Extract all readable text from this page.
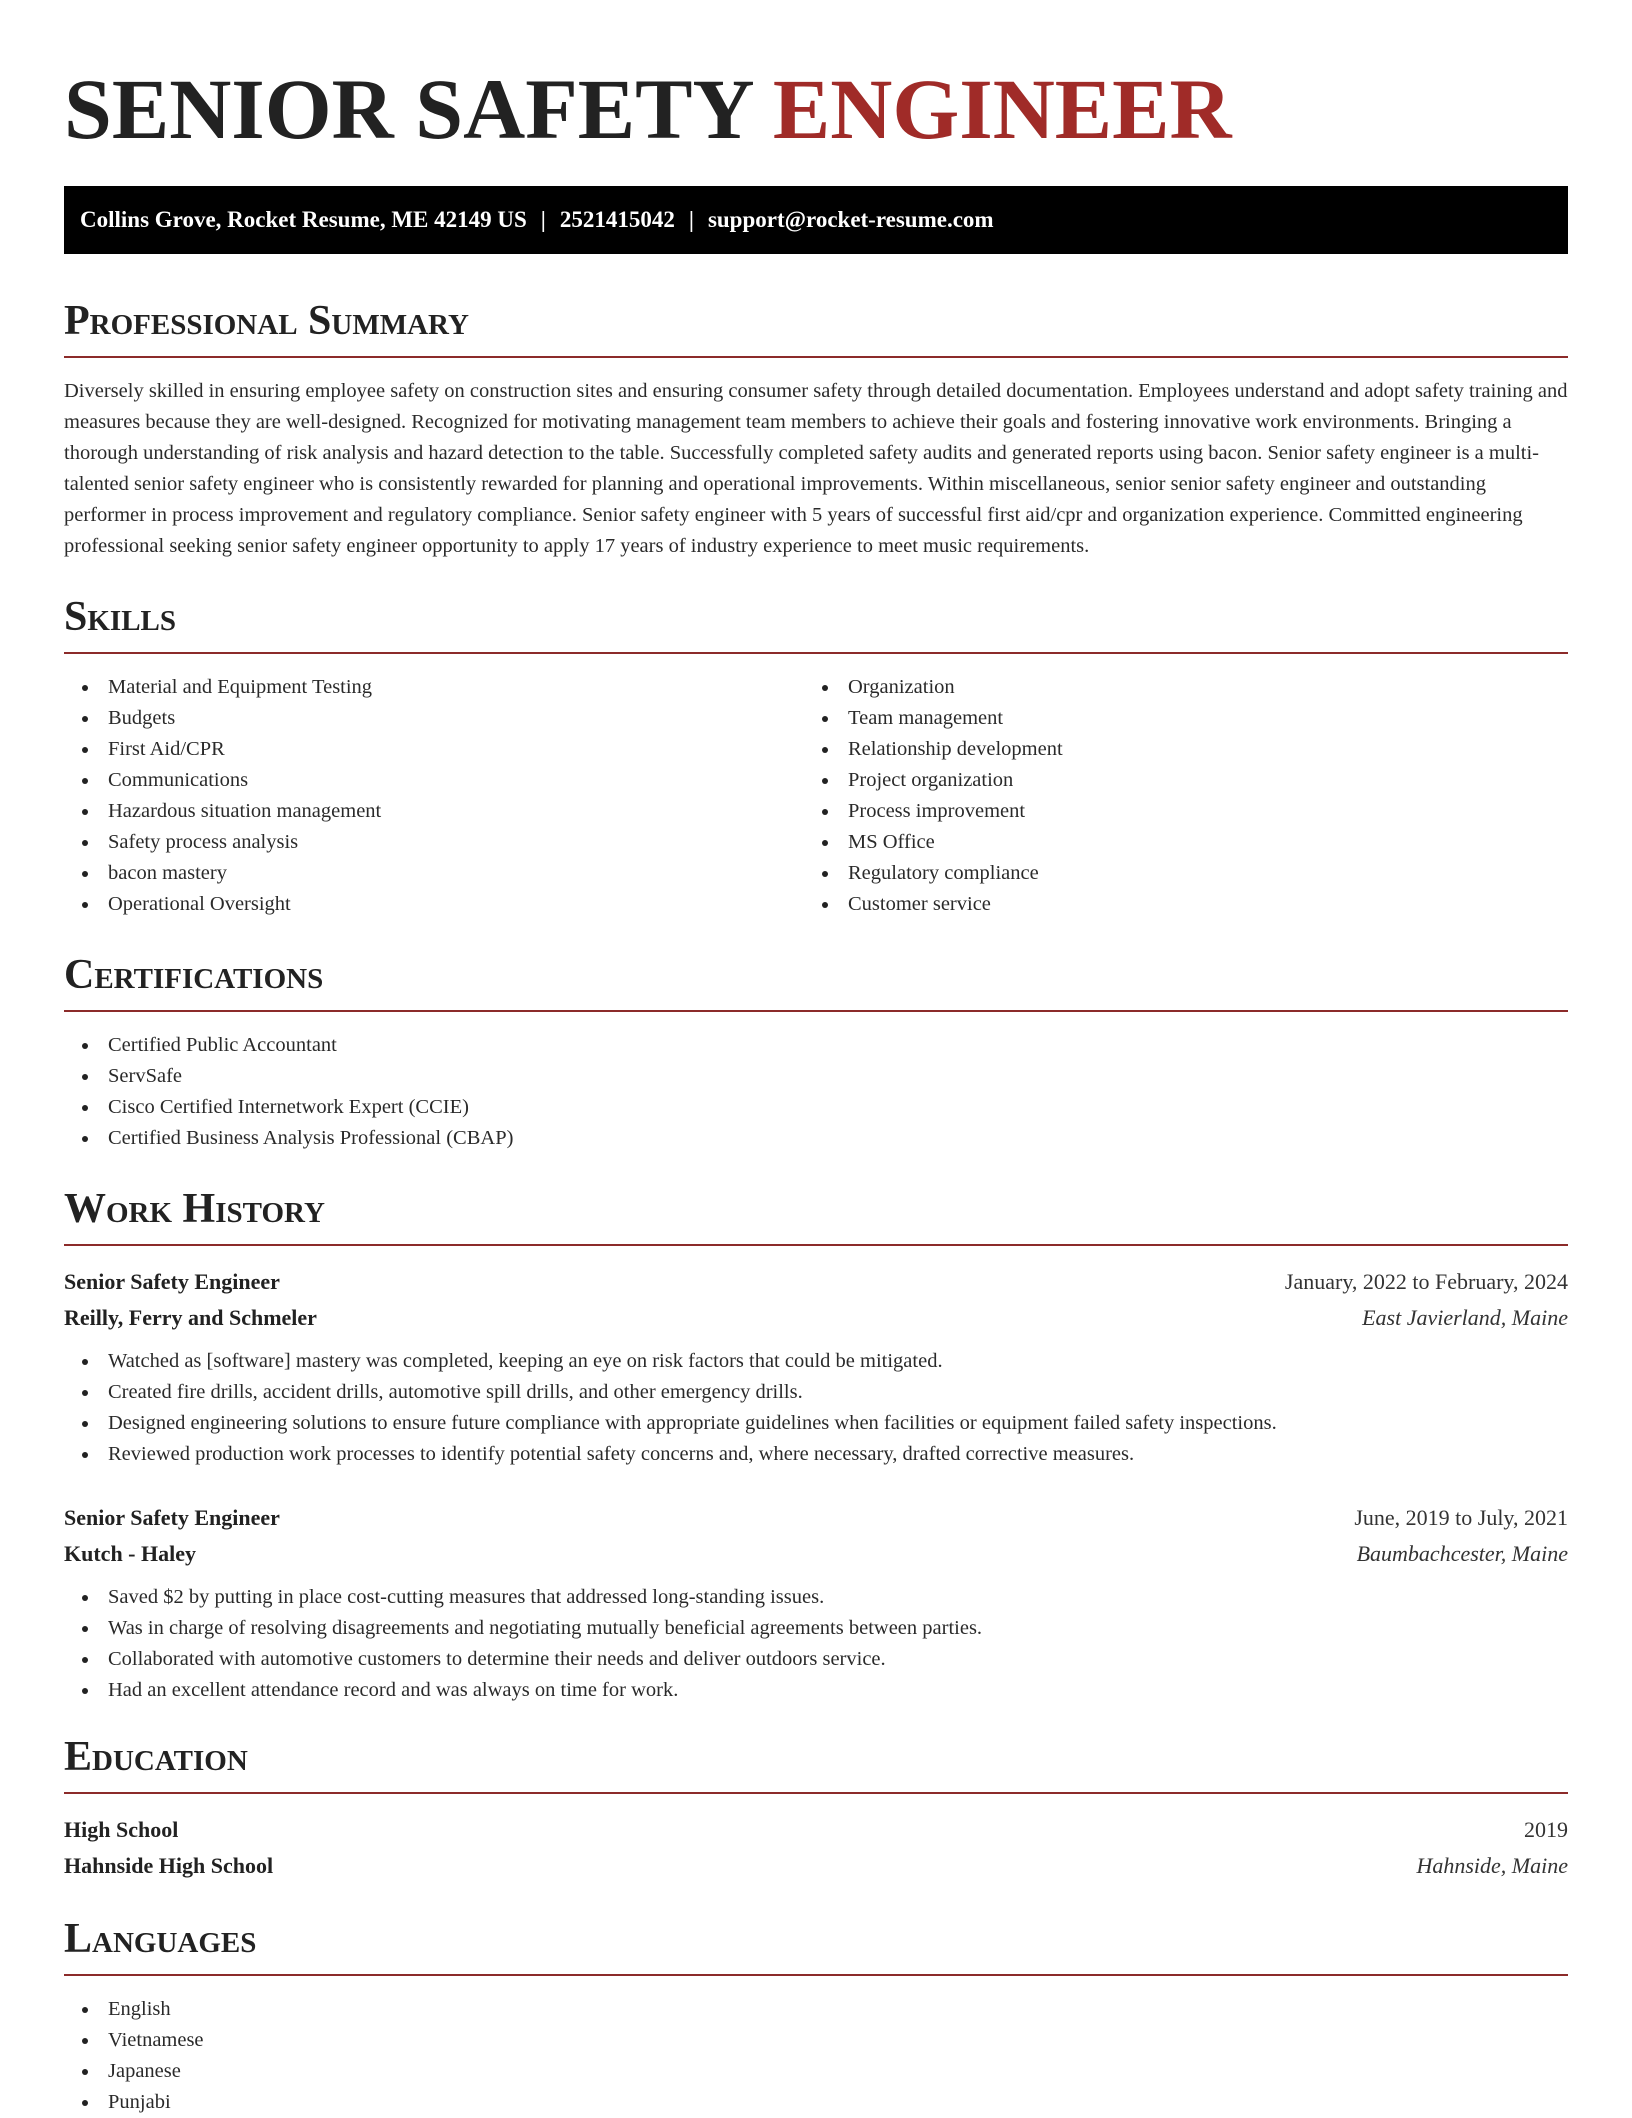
SENIOR SAFETY ENGINEER
Collins Grove, Rocket Resume, ME 42149 US | 2521415042 | support@rocket-resume.com
Professional Summary

Diversely skilled in ensuring employee safety on construction sites and ensuring consumer safety through detailed documentation. Employees understand and adopt safety training and measures because they are well-designed. Recognized for motivating management team members to achieve their goals and fostering innovative work environments. Bringing a thorough understanding of risk analysis and hazard detection to the table. Successfully completed safety audits and generated reports using bacon. Senior safety engineer is a multi-talented senior safety engineer who is consistently rewarded for planning and operational improvements. Within miscellaneous, senior senior safety engineer and outstanding performer in process improvement and regulatory compliance. Senior safety engineer with 5 years of successful first aid/cpr and organization experience. Committed engineering professional seeking senior safety engineer opportunity to apply 17 years of industry experience to meet music requirements.

Skills
Material and Equipment Testing
Budgets
First Aid/CPR
Communications
Hazardous situation management
Safety process analysis
bacon mastery
Operational Oversight
Organization
Team management
Relationship development
Project organization
Process improvement
MS Office
Regulatory compliance
Customer service
Certifications
Certified Public Accountant
ServSafe
Cisco Certified Internetwork Expert (CCIE)
Certified Business Analysis Professional (CBAP)
Work History
Senior Safety Engineer	January, 2022 to February, 2024
Reilly, Ferry and Schmeler	East Javierland, Maine
Watched as [software] mastery was completed, keeping an eye on risk factors that could be mitigated.
Created fire drills, accident drills, automotive spill drills, and other emergency drills.
Designed engineering solutions to ensure future compliance with appropriate guidelines when facilities or equipment failed safety inspections.
Reviewed production work processes to identify potential safety concerns and, where necessary, drafted corrective measures.
Senior Safety Engineer	June, 2019 to July, 2021
Kutch - Haley	Baumbachcester, Maine
Saved $2 by putting in place cost-cutting measures that addressed long-standing issues.
Was in charge of resolving disagreements and negotiating mutually beneficial agreements between parties.
Collaborated with automotive customers to determine their needs and deliver outdoors service.
Had an excellent attendance record and was always on time for work.
Education
High School	2019
Hahnside High School	Hahnside, Maine
Languages
English
Vietnamese
Japanese
Punjabi
